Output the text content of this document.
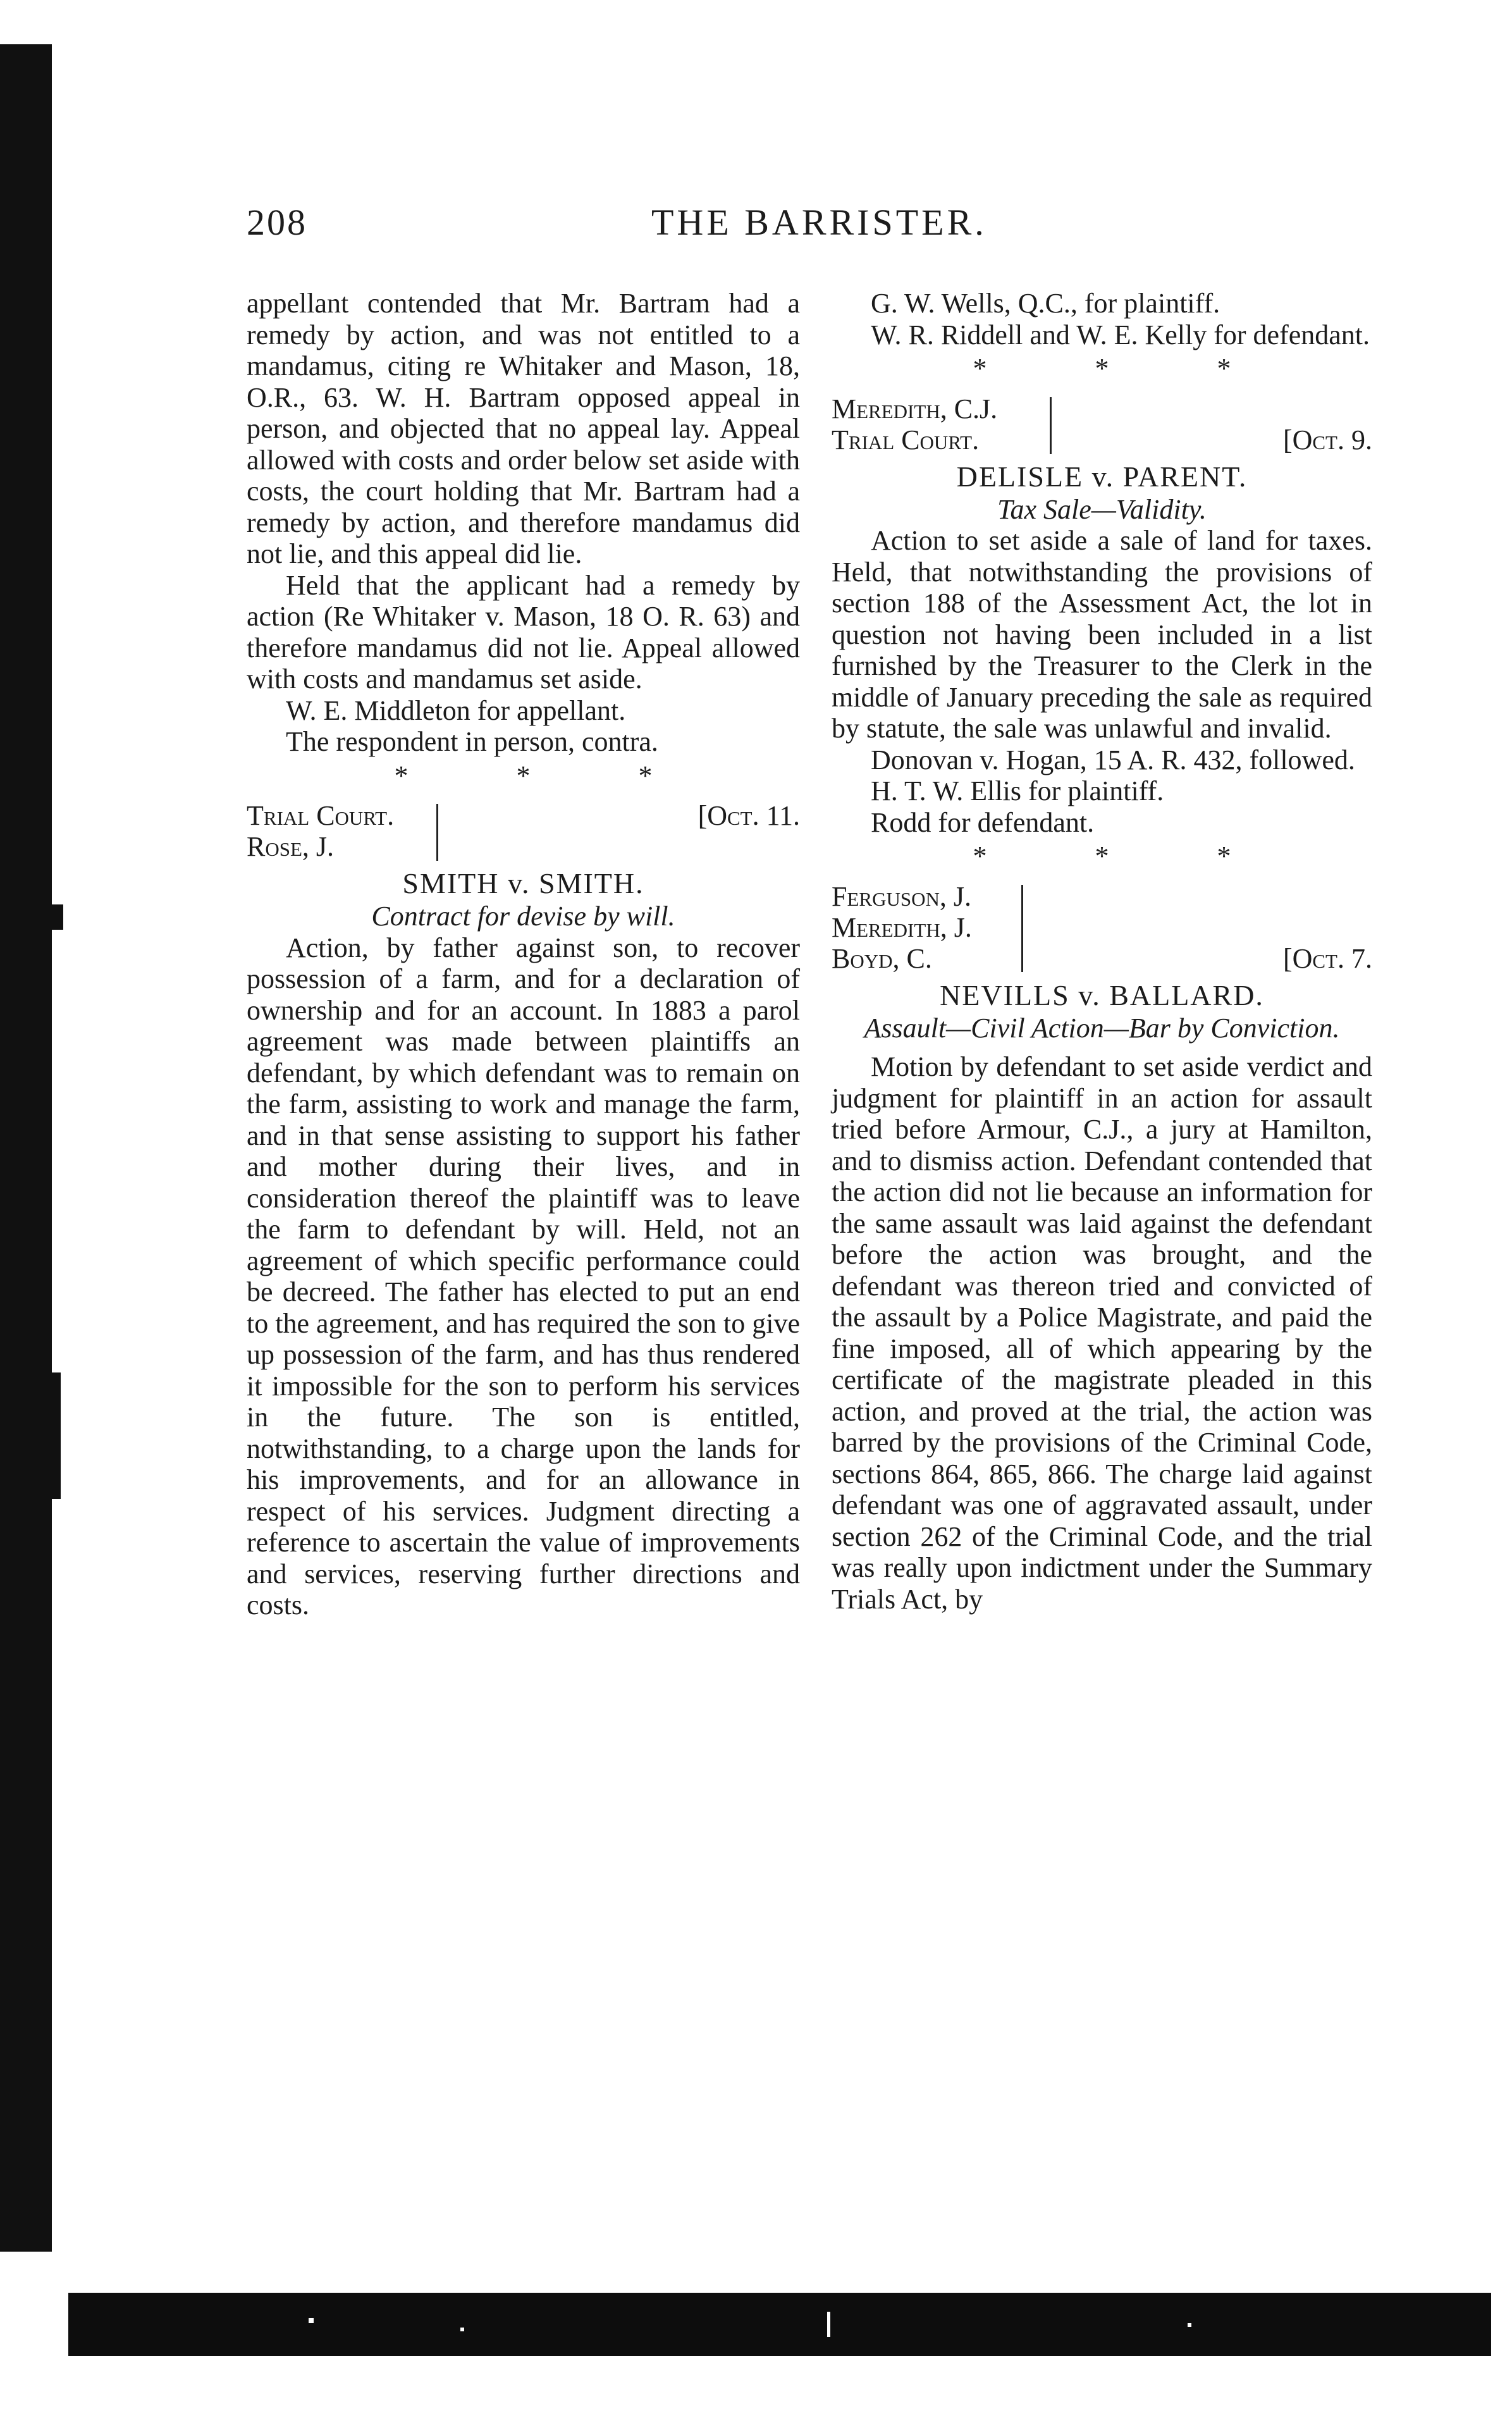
208	THE BARRISTER.

appellant contended that Mr. Bartram had a remedy by action, and was not entitled to a mandamus, citing re Whitaker and Mason, 18, O.R., 63. W. H. Bartram opposed appeal in person, and objected that no appeal lay. Appeal allowed with costs and order below set aside with costs, the court holding that Mr. Bartram had a remedy by action, and therefore mandamus did not lie, and this appeal did lie.

Held that the applicant had a remedy by action (Re Whitaker v. Mason, 18 O. R. 63) and therefore mandamus did not lie. Appeal allowed with costs and mandamus set aside.

W. E. Middleton for appellant.

The respondent in person, contra.

* * *
Trial Court.
Rose, J.
[Oct. 11.
SMITH v. SMITH.
Contract for devise by will.

Action, by father against son, to recover possession of a farm, and for a declaration of ownership and for an account. In 1883 a parol agreement was made between plaintiffs an defendant, by which defendant was to remain on the farm, assisting to work and manage the farm, and in that sense assisting to support his father and mother during their lives, and in consideration thereof the plaintiff was to leave the farm to defendant by will. Held, not an agreement of which specific performance could be decreed. The father has elected to put an end to the agreement, and has required the son to give up possession of the farm, and has thus rendered it impossible for the son to perform his services in the future. The son is entitled, notwithstanding, to a charge upon the lands for his improvements, and for an allowance in respect of his services. Judgment directing a reference to ascertain the value of improvements and services, reserving further directions and costs.

G. W. Wells, Q.C., for plaintiff.

W. R. Riddell and W. E. Kelly for defendant.

* * *
Meredith, C.J.
Trial Court.	[Oct. 9.
DELISLE v. PARENT.
Tax Sale—Validity.

Action to set aside a sale of land for taxes. Held, that notwithstanding the provisions of section 188 of the Assessment Act, the lot in question not having been included in a list furnished by the Treasurer to the Clerk in the middle of January preceding the sale as required by statute, the sale was unlawful and invalid.

Donovan v. Hogan, 15 A. R. 432, followed.

H. T. W. Ellis for plaintiff.

Rodd for defendant.

* * *
Ferguson, J.
Meredith, J.
Boyd, C.	[Oct. 7.
NEVILLS v. BALLARD.
Assault—Civil Action—Bar by Conviction.

Motion by defendant to set aside verdict and judgment for plaintiff in an action for assault tried before Armour, C.J., a jury at Hamilton, and to dismiss action. Defendant contended that the action did not lie because an information for the same assault was laid against the defendant before the action was brought, and the defendant was thereon tried and convicted of the assault by a Police Magistrate, and paid the fine imposed, all of which appearing by the certificate of the magistrate pleaded in this action, and proved at the trial, the action was barred by the provisions of the Criminal Code, sections 864, 865, 866. The charge laid against defendant was one of aggravated assault, under section 262 of the Criminal Code, and the trial was really upon indictment under the Summary Trials Act, by
